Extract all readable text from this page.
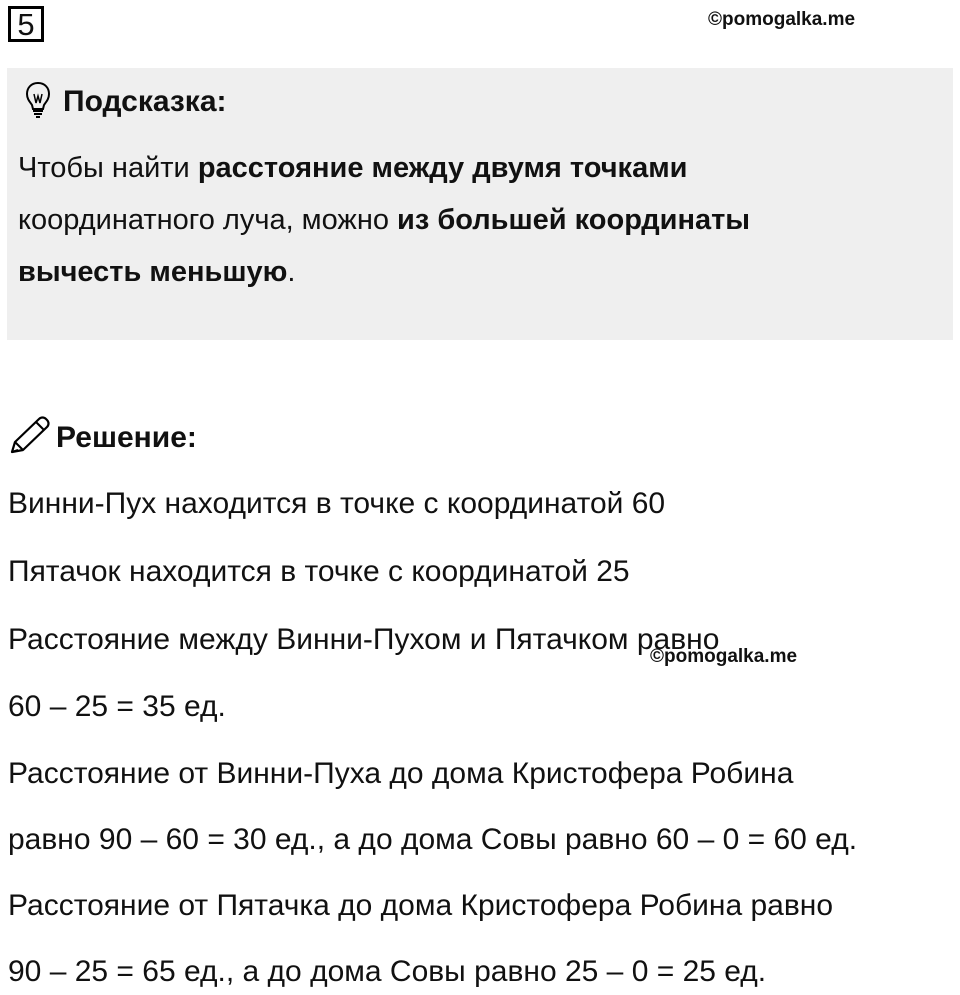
5	©pomogalka.me
Подсказка:
Чтобы найти расстояние между двумя точками
координатного луча, можно из большей координаты
вычесть меньшую.
Решение:
Винни-Пух находится в точке с координатой 60
Пятачок находится в точке с координатой 25
Расстояние между Винни-Пухом и Пятачком равно
©pomogalka.me
60 – 25 = 35 ед.
Расстояние от Винни-Пуха до дома Кристофера Робина
равно 90 – 60 = 30 ед., а до дома Совы равно 60 – 0 = 60 ед.
Расстояние от Пятачка до дома Кристофера Робина равно
90 – 25 = 65 ед., а до дома Совы равно 25 – 0 = 25 ед.
